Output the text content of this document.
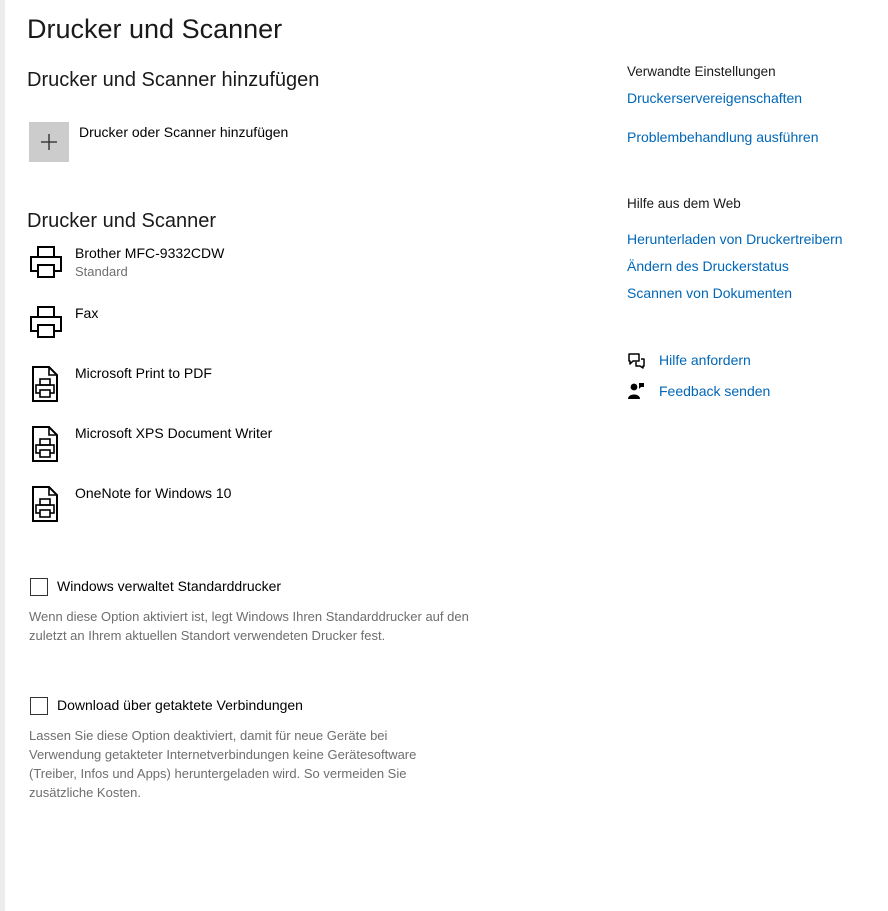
Drucker und Scanner
Drucker und Scanner hinzufügen
Drucker oder Scanner hinzufügen
Drucker und Scanner
Brother MFC-9332CDW
Standard
Fax
Microsoft Print to PDF
Microsoft XPS Document Writer
OneNote for Windows 10
Windows verwaltet Standarddrucker
Wenn diese Option aktiviert ist, legt Windows Ihren Standarddrucker auf den zuletzt an Ihrem aktuellen Standort verwendeten Drucker fest.
Download über getaktete Verbindungen
Lassen Sie diese Option deaktiviert, damit für neue Geräte bei Verwendung getakteter Internetverbindungen keine Gerätesoftware (Treiber, Infos und Apps) heruntergeladen wird. So vermeiden Sie zusätzliche Kosten.
Verwandte Einstellungen
Druckerservereigenschaften
Problembehandlung ausführen
Hilfe aus dem Web
Herunterladen von Druckertreibern
Ändern des Druckerstatus
Scannen von Dokumenten
Hilfe anfordern
Feedback senden
